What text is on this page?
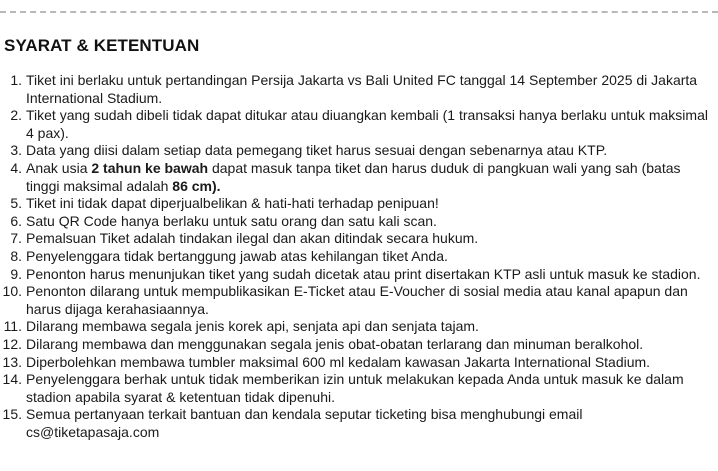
SYARAT & KETENTUAN
1. Tiket ini berlaku untuk pertandingan Persija Jakarta vs Bali United FC tanggal 14 September 2025 di Jakarta International Stadium.
2. Tiket yang sudah dibeli tidak dapat ditukar atau diuangkan kembali (1 transaksi hanya berlaku untuk maksimal 4 pax).
3. Data yang diisi dalam setiap data pemegang tiket harus sesuai dengan sebenarnya atau KTP.
4. Anak usia 2 tahun ke bawah dapat masuk tanpa tiket dan harus duduk di pangkuan wali yang sah (batas tinggi maksimal adalah 86 cm).
5. Tiket ini tidak dapat diperjualbelikan & hati-hati terhadap penipuan!
6. Satu QR Code hanya berlaku untuk satu orang dan satu kali scan.
7. Pemalsuan Tiket adalah tindakan ilegal dan akan ditindak secara hukum.
8. Penyelenggara tidak bertanggung jawab atas kehilangan tiket Anda.
9. Penonton harus menunjukan tiket yang sudah dicetak atau print disertakan KTP asli untuk masuk ke stadion.
10. Penonton dilarang untuk mempublikasikan E-Ticket atau E-Voucher di sosial media atau kanal apapun dan harus dijaga kerahasiaannya.
11. Dilarang membawa segala jenis korek api, senjata api dan senjata tajam.
12. Dilarang membawa dan menggunakan segala jenis obat-obatan terlarang dan minuman beralkohol.
13. Diperbolehkan membawa tumbler maksimal 600 ml kedalam kawasan Jakarta International Stadium.
14. Penyelenggara berhak untuk tidak memberikan izin untuk melakukan kepada Anda untuk masuk ke dalam stadion apabila syarat & ketentuan tidak dipenuhi.
15. Semua pertanyaan terkait bantuan dan kendala seputar ticketing bisa menghubungi email cs@tiketapasaja.com
